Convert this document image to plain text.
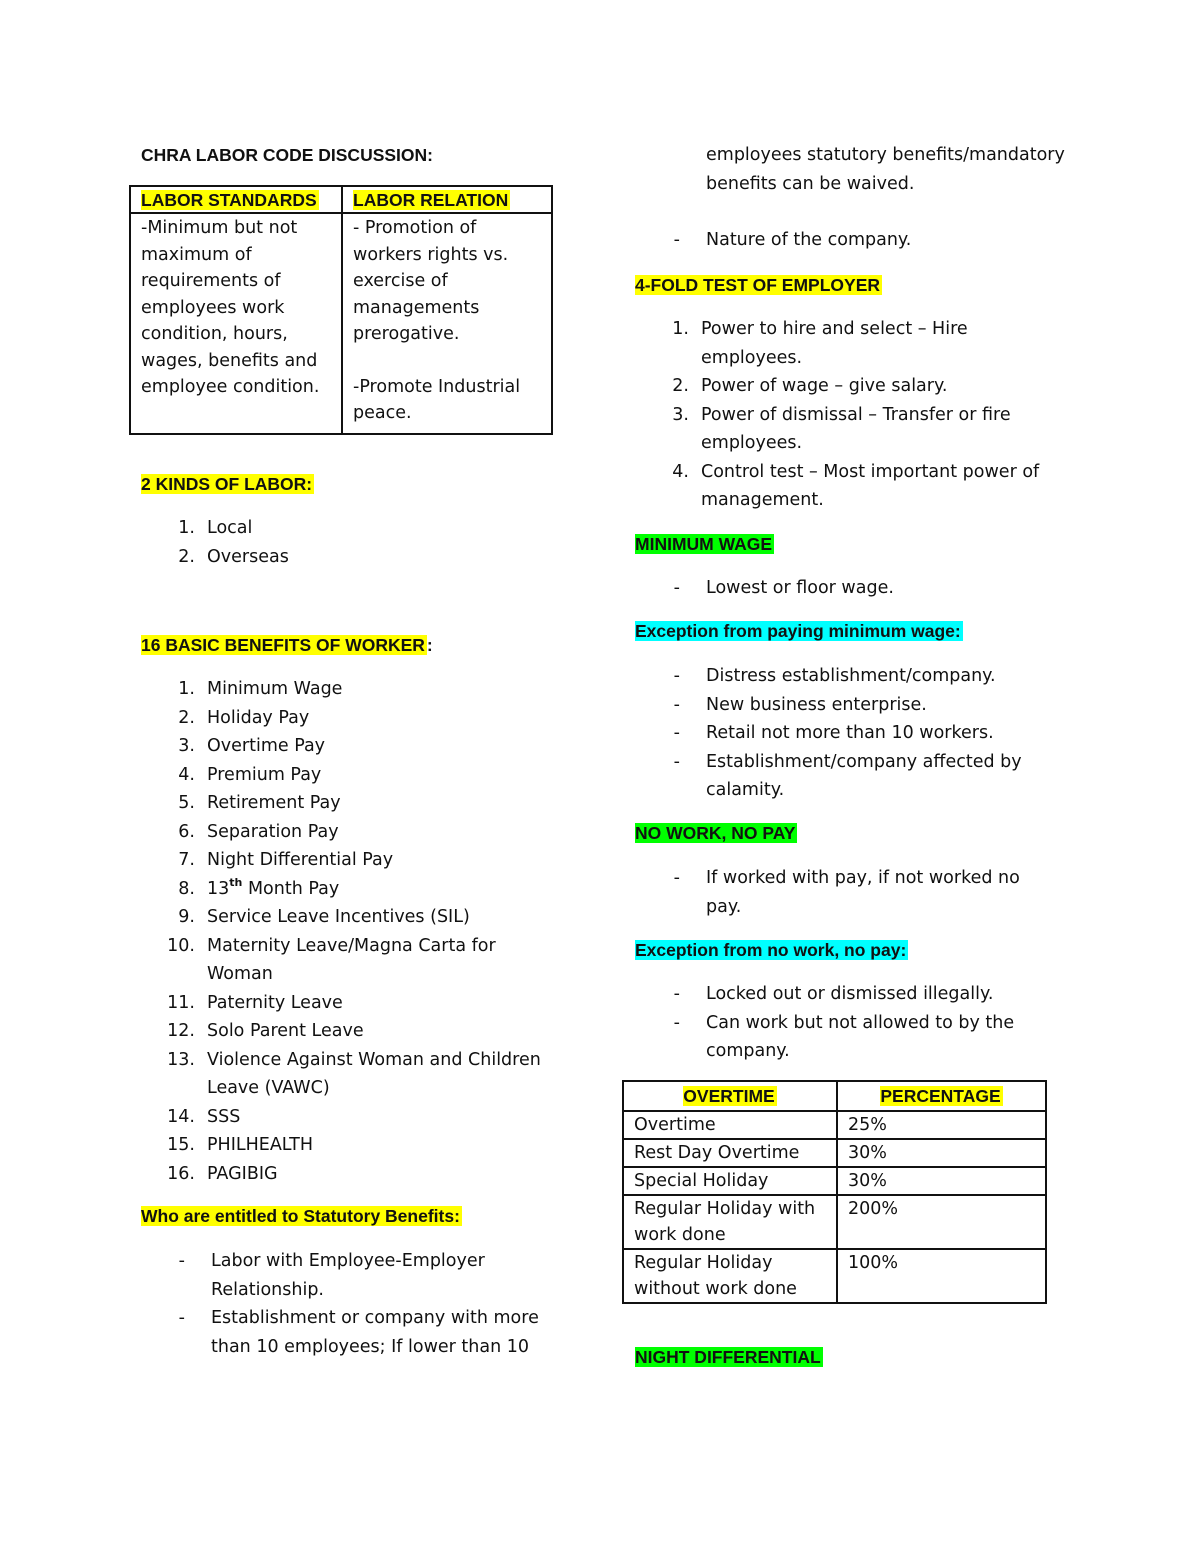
CHRA LABOR CODE DISCUSSION:
LABOR STANDARDS	LABOR RELATION
-Minimum but not maximum of requirements of employees work condition, hours, wages, benefits and employee condition.	- Promotion of workers rights vs. exercise of managements prerogative.
-Promote Industrial peace.
2 KINDS OF LABOR:
1. Local
2. Overseas
16 BASIC BENEFITS OF WORKER :
1. Minimum Wage
2. Holiday Pay
3. Overtime Pay
4. Premium Pay
5. Retirement Pay
6. Separation Pay
7. Night Differential Pay
8. 13th Month Pay
9. Service Leave Incentives (SIL)
10. Maternity Leave/Magna Carta for Woman
11. Paternity Leave
12. Solo Parent Leave
13. Violence Against Woman and Children Leave (VAWC)
14. SSS
15. PHILHEALTH
16. PAGIBIG
Who are entitled to Statutory Benefits:
- Labor with Employee-Employer Relationship.
- Establishment or company with more than 10 employees; If lower than 10
employees statutory benefits/mandatory benefits can be waived.
- Nature of the company.
4-FOLD TEST OF EMPLOYER
1. Power to hire and select – Hire employees.
2. Power of wage – give salary.
3. Power of dismissal – Transfer or fire employees.
4. Control test – Most important power of management.
MINIMUM WAGE
- Lowest or floor wage.
Exception from paying minimum wage:
- Distress establishment/company.
- New business enterprise.
- Retail not more than 10 workers.
- Establishment/company affected by calamity.
NO WORK, NO PAY
- If worked with pay, if not worked no pay.
Exception from no work, no pay:
- Locked out or dismissed illegally.
- Can work but not allowed to by the company.
OVERTIME	PERCENTAGE
Overtime	25%
Rest Day Overtime	30%
Special Holiday	30%
Regular Holiday with work done	200%
Regular Holiday without work done	100%
NIGHT DIFFERENTIAL
